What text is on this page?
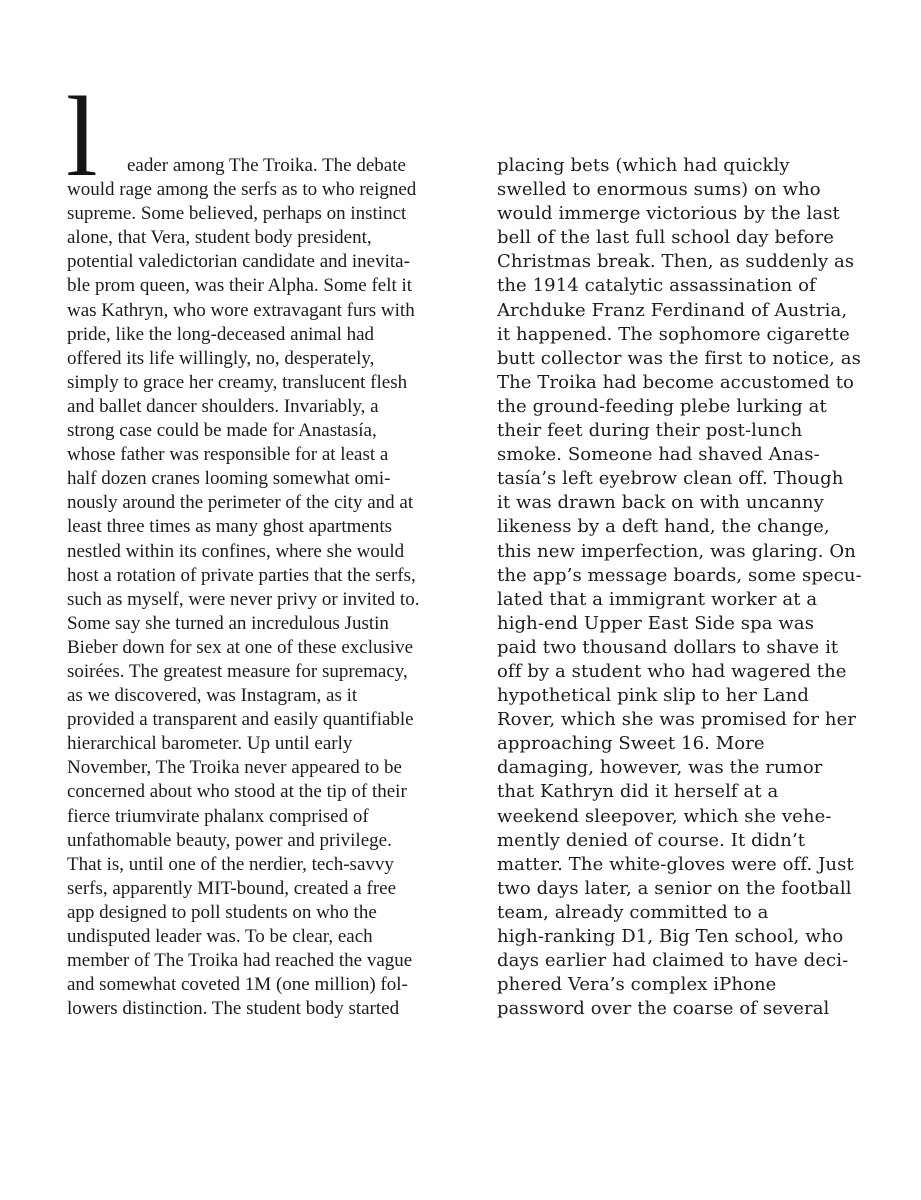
l	eader among The Troika. The debate
would rage among the serfs as to who reigned
supreme. Some believed, perhaps on instinct
alone, that Vera, student body president,
potential valedictorian candidate and inevita-
ble prom queen, was their Alpha. Some felt it
was Kathryn, who wore extravagant furs with
pride, like the long-deceased animal had
offered its life willingly, no, desperately,
simply to grace her creamy, translucent flesh
and ballet dancer shoulders. Invariably, a
strong case could be made for Anastasía,
whose father was responsible for at least a
half dozen cranes looming somewhat omi-
nously around the perimeter of the city and at
least three times as many ghost apartments
nestled within its confines, where she would
host a rotation of private parties that the serfs,
such as myself, were never privy or invited to.
Some say she turned an incredulous Justin
Bieber down for sex at one of these exclusive
soirées. The greatest measure for supremacy,
as we discovered, was Instagram, as it
provided a transparent and easily quantifiable
hierarchical barometer. Up until early
November, The Troika never appeared to be
concerned about who stood at the tip of their
fierce triumvirate phalanx comprised of
unfathomable beauty, power and privilege.
That is, until one of the nerdier, tech-savvy
serfs, apparently MIT-bound, created a free
app designed to poll students on who the
undisputed leader was. To be clear, each
member of The Troika had reached the vague
and somewhat coveted 1M (one million) fol-
lowers distinction. The student body started
placing bets (which had quickly
swelled to enormous sums) on who
would immerge victorious by the last
bell of the last full school day before
Christmas break. Then, as suddenly as
the 1914 catalytic assassination of
Archduke Franz Ferdinand of Austria,
it happened. The sophomore cigarette
butt collector was the first to notice, as
The Troika had become accustomed to
the ground-feeding plebe lurking at
their feet during their post-lunch
smoke. Someone had shaved Anas-
tasía’s left eyebrow clean off. Though
it was drawn back on with uncanny
likeness by a deft hand, the change,
this new imperfection, was glaring. On
the app’s message boards, some specu-
lated that a immigrant worker at a
high-end Upper East Side spa was
paid two thousand dollars to shave it
off by a student who had wagered the
hypothetical pink slip to her Land
Rover, which she was promised for her
approaching Sweet 16. More
damaging, however, was the rumor
that Kathryn did it herself at a
weekend sleepover, which she vehe-
mently denied of course. It didn’t
matter. The white-gloves were off. Just
two days later, a senior on the football
team, already committed to a
high-ranking D1, Big Ten school, who
days earlier had claimed to have deci-
phered Vera’s complex iPhone
password over the coarse of several
